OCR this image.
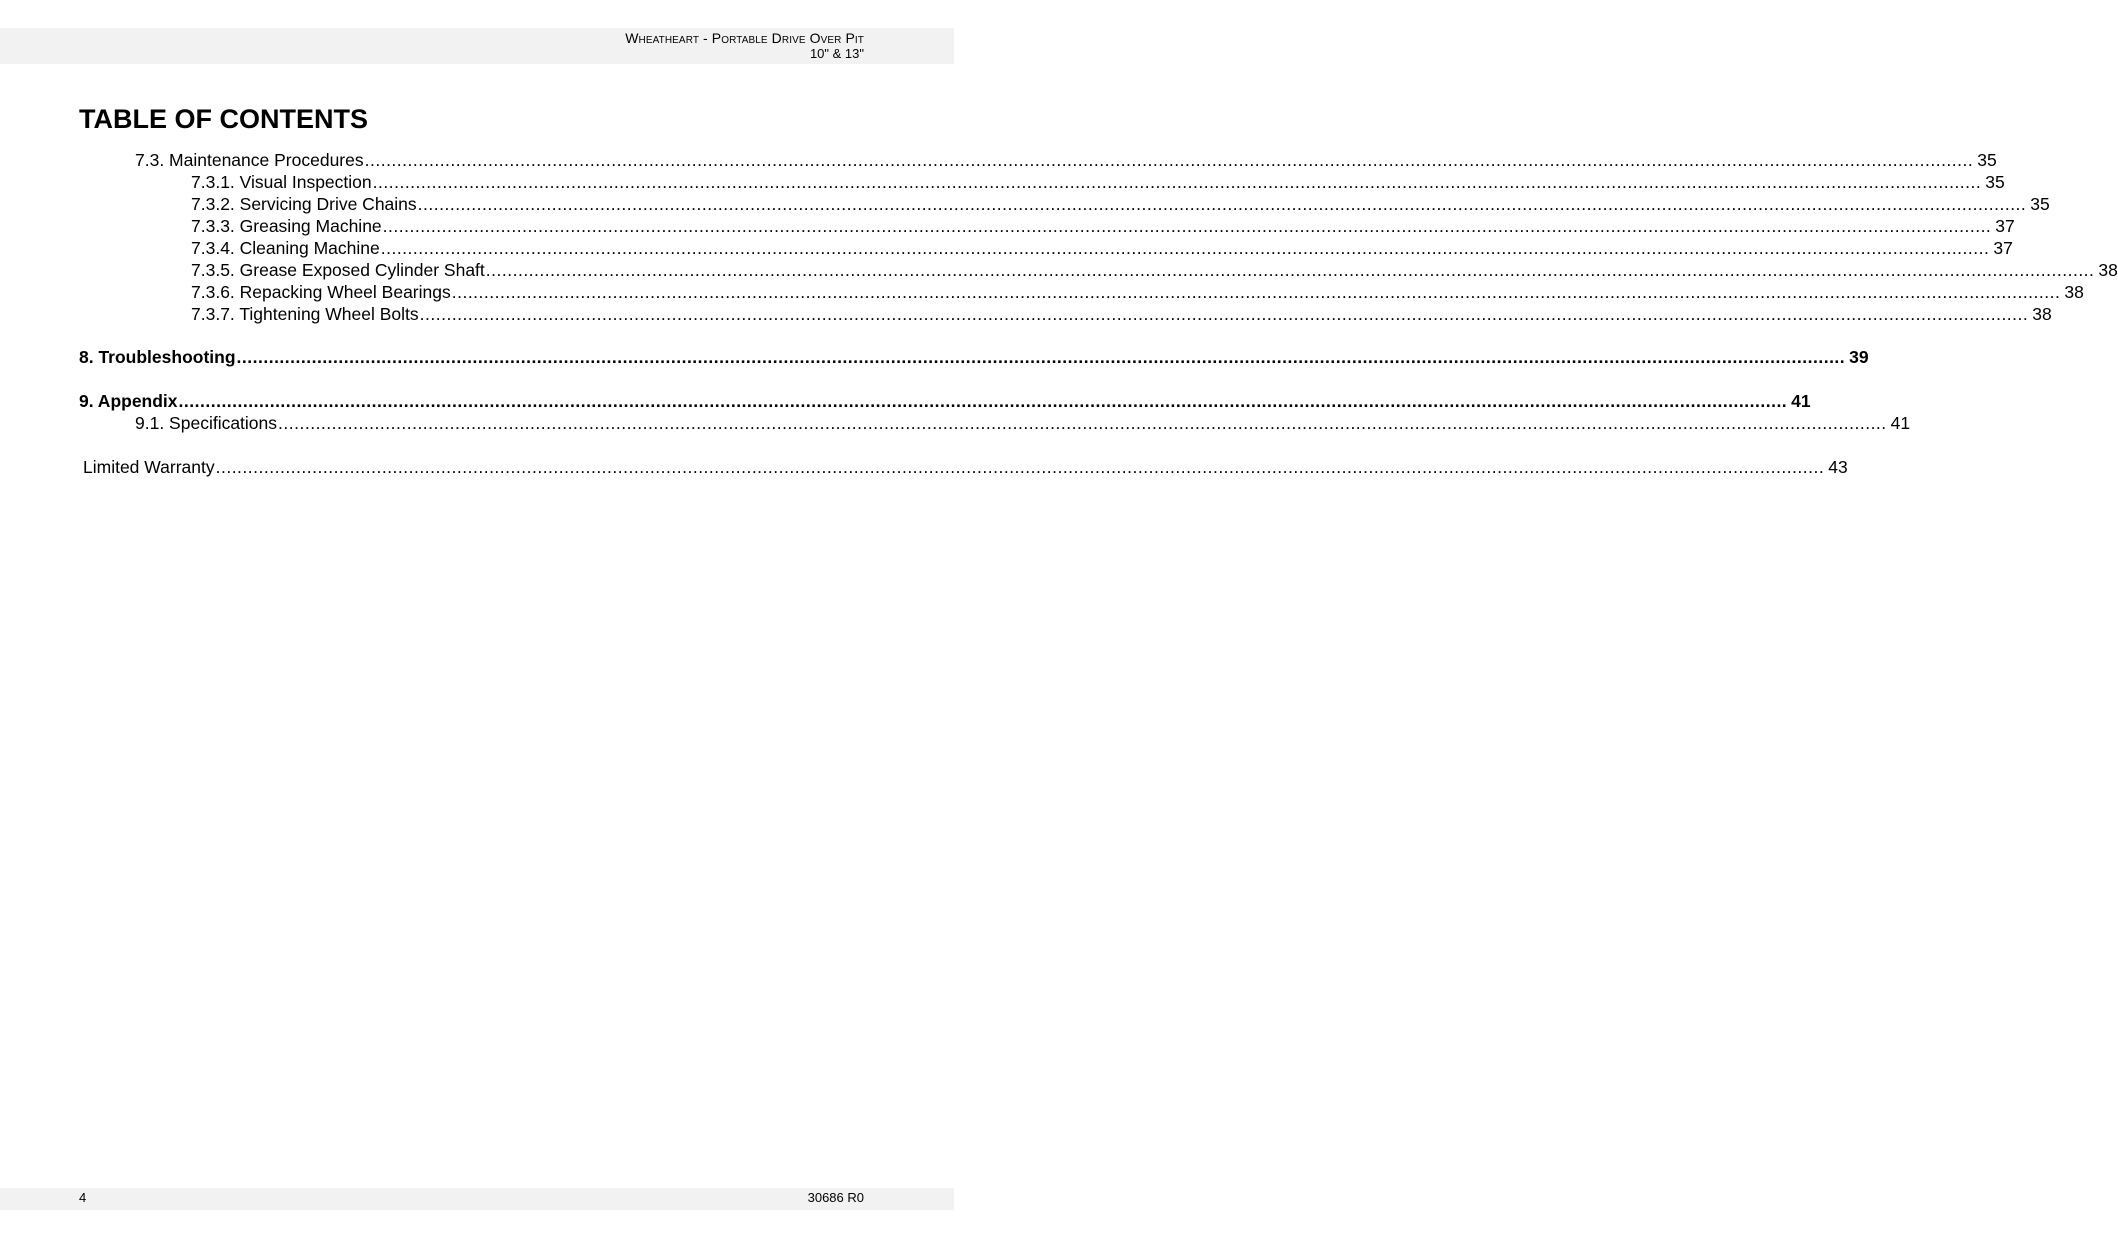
Wheatheart - Portable Drive Over Pit
10" & 13"
TABLE OF CONTENTS
7.3. Maintenance Procedures ............................................................................................................................................................................................................................................................................................................ 35
7.3.1. Visual Inspection ............................................................................................................................................................................................................................................................................................................ 35
7.3.2. Servicing Drive Chains ............................................................................................................................................................................................................................................................................................................ 35
7.3.3. Greasing Machine ............................................................................................................................................................................................................................................................................................................ 37
7.3.4. Cleaning Machine ............................................................................................................................................................................................................................................................................................................ 37
7.3.5. Grease Exposed Cylinder Shaft ............................................................................................................................................................................................................................................................................................................ 38
7.3.6. Repacking Wheel Bearings ............................................................................................................................................................................................................................................................................................................ 38
7.3.7. Tightening Wheel Bolts ............................................................................................................................................................................................................................................................................................................ 38
8. Troubleshooting ............................................................................................................................................................................................................................................................................................................ 39
9. Appendix ............................................................................................................................................................................................................................................................................................................ 41
9.1. Specifications ............................................................................................................................................................................................................................................................................................................ 41
Limited Warranty ............................................................................................................................................................................................................................................................................................................ 43
4	30686 R0
